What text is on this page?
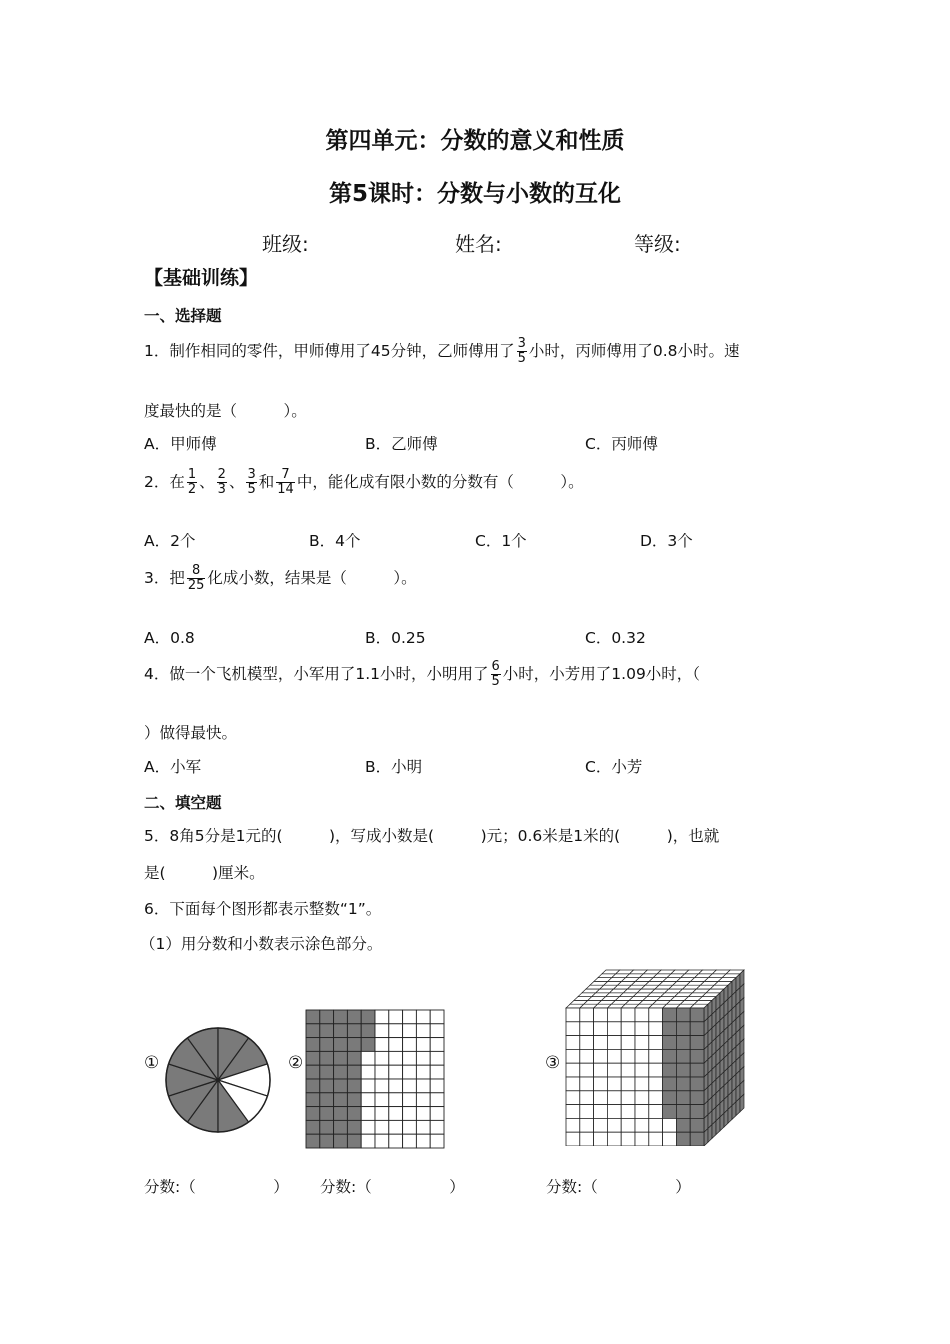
第四单元：分数的意义和性质
第5课时：分数与小数的互化
班级:	姓名:	等级:
【基础训练】
一、选择题
1．制作相同的零件，甲师傅用了45分钟，乙师傅用了 $\frac{3}{5}$ 小时，丙师傅用了0.8小时。速
度最快的是（　　　）。
A．甲师傅	B．乙师傅	C．丙师傅
2．在 $\frac{1}{2}$ 、 $\frac{2}{3}$ 、 $\frac{3}{5}$ 和 $\frac{7}{14}$ 中，能化成有限小数的分数有（　　　）。
A．2个	B．4个	C．1个	D．3个
3．把 $\frac{8}{25}$ 化成小数，结果是（　　　）。
A．0.8	B．0.25	C．0.32
4．做一个飞机模型，小军用了1.1小时，小明用了 $\frac{6}{5}$ 小时，小芳用了1.09小时，（
）做得最快。
A．小军	B．小明	C．小芳
二、填空题
5．8角5分是1元的(　　　)，写成小数是(　　　)元；0.6米是1米的(　　　)，也就
是(　　　)厘米。
6．下面每个图形都表示整数“1”。
（1）用分数和小数表示涂色部分。
①	②	③
分数:（　　　　　） 分数:（　　　　　）	分数:（　　　　　）
